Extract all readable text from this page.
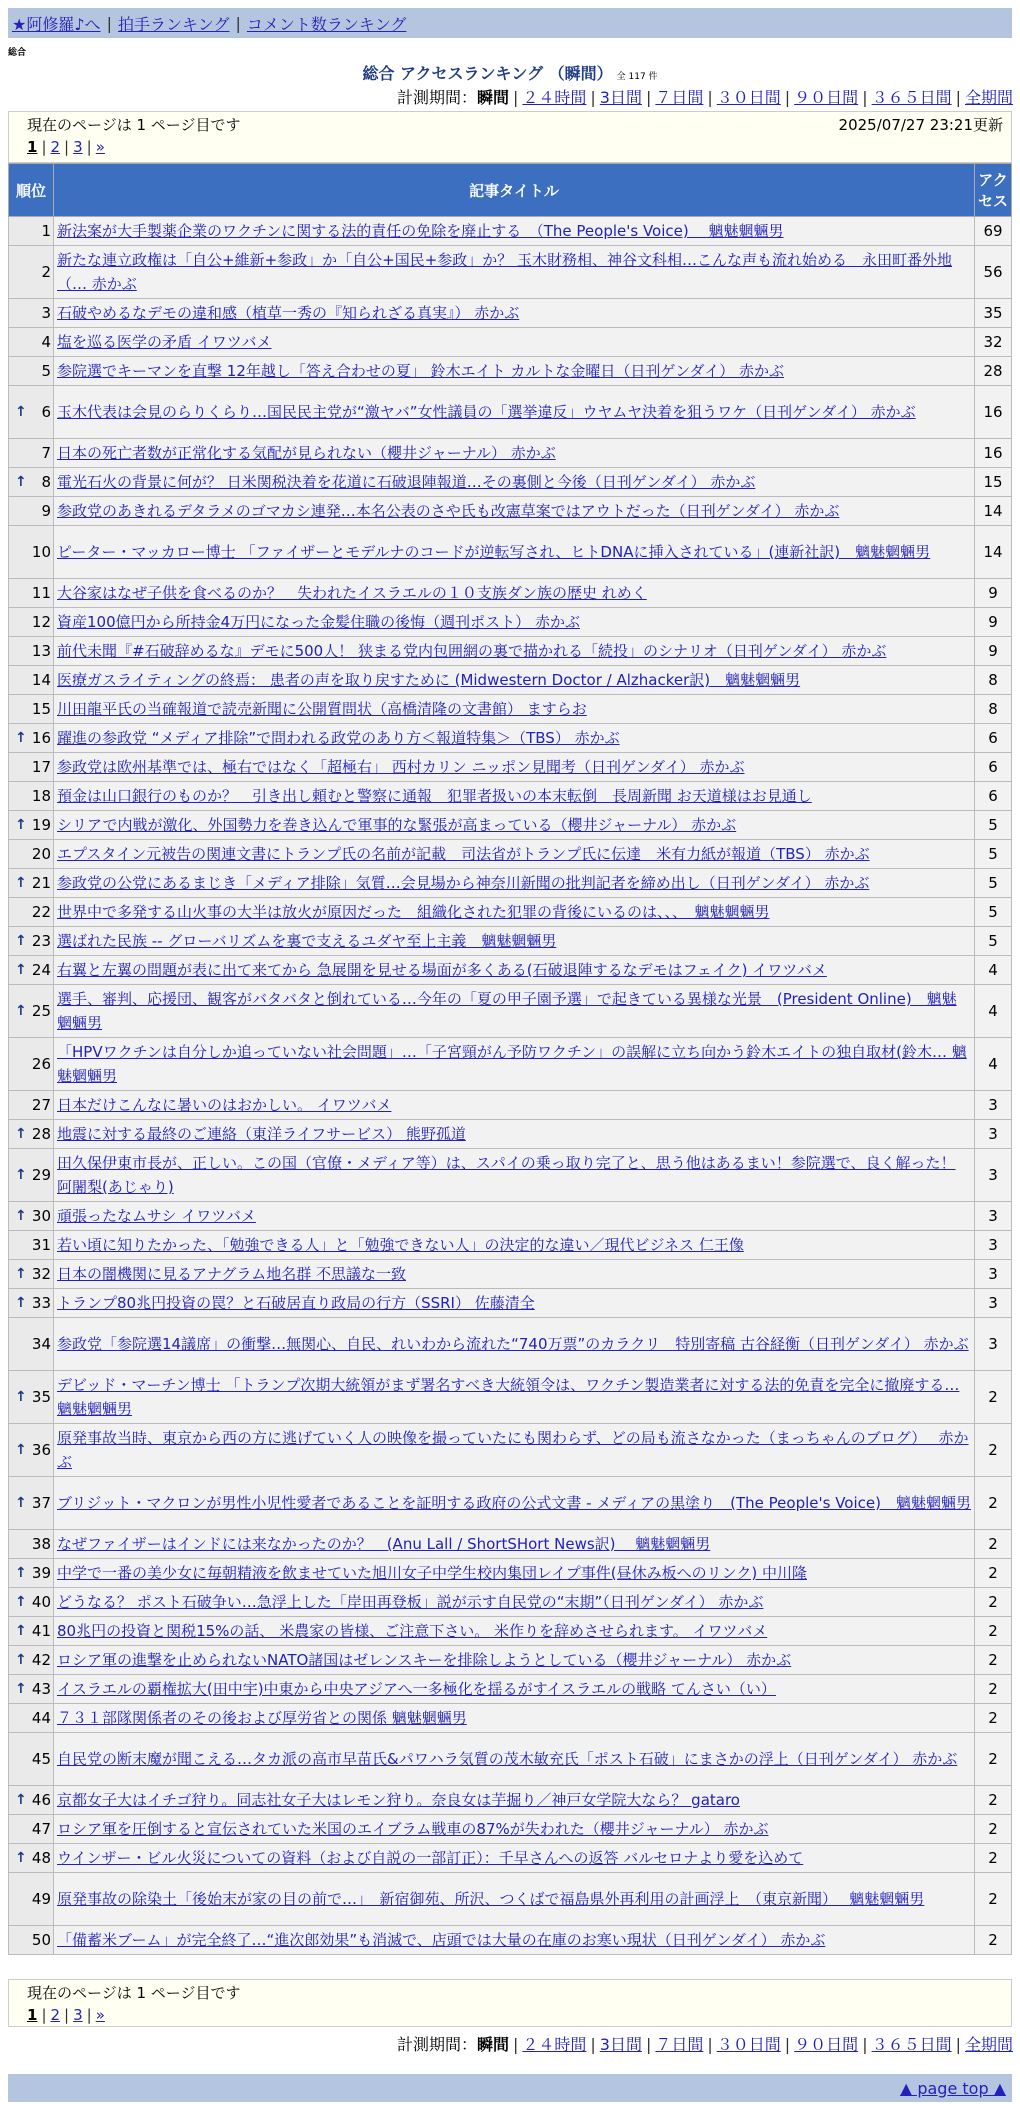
★阿修羅♪へ | 拍手ランキング | コメント数ランキング
総合
総合 アクセスランキング （瞬間） 全 117 件
計測期間：瞬間 | ２４時間 | 3日間 | ７日間 | ３０日間 | ９０日間 | ３６５日間 | 全期間
現在のページは 1 ページ目です	2025/07/27 23:21更新
1 | 2 | 3 | »
順位	記事タイトル	アクセス
1	新法案が大手製薬企業のワクチンに関する法的責任の免除を廃止する　（The People's Voice)　 魑魅魍魎男	69
2	新たな連立政権は「自公+維新+参政」か「自公+国民+参政」か？ 玉木財務相、神谷文科相…こんな声も流れ始める　永田町番外地（… 赤かぶ	56
3	石破やめるなデモの違和感（植草一秀の『知られざる真実』） 赤かぶ	35
4	塩を巡る医学の矛盾 イワツバメ	32
5	参院選でキーマンを直撃 12年越し「答え合わせの夏」 鈴木エイト カルトな金曜日（日刊ゲンダイ） 赤かぶ	28

↑ 6	玉木代表は会見のらりくらり…国民民主党が“激ヤバ”女性議員の「選挙違反」ウヤムヤ決着を狙うワケ（日刊ゲンダイ） 赤かぶ	16
7	日本の死亡者数が正常化する気配が見られない（櫻井ジャーナル） 赤かぶ	16

↑ 8	電光石火の背景に何が？ 日米関税決着を花道に石破退陣報道…その裏側と今後（日刊ゲンダイ） 赤かぶ	15
9	参政党のあきれるデタラメのゴマカシ連発…本名公表のさや氏も改憲草案ではアウトだった（日刊ゲンダイ） 赤かぶ	14
10	ピーター・マッカロー博士 「ファイザーとモデルナのコードが逆転写され、ヒトDNAに挿入されている」(連新社訳)　魑魅魍魎男	14
11	大谷家はなぜ子供を食べるのか？　失われたイスラエルの１０支族ダン族の歴史 れめく	9
12	資産100億円から所持金4万円になった金髪住職の後悔（週刊ポスト） 赤かぶ	9
13	前代未聞『#石破辞めるな』デモに500人！ 狭まる党内包囲網の裏で描かれる「続投」のシナリオ（日刊ゲンダイ） 赤かぶ	9
14	医療ガスライティングの終焉： 患者の声を取り戻すために (Midwestern Doctor / Alzhacker訳)　魑魅魍魎男	8
15	川田龍平氏の当確報道で読売新聞に公開質問状（高橋清隆の文書館） ますらお	8

↑ 16	躍進の参政党 “メディア排除”で問われる政党のあり方＜報道特集＞（TBS） 赤かぶ	6
17	参政党は欧州基準では、極右ではなく「超極右」 西村カリン ニッポン見聞考（日刊ゲンダイ） 赤かぶ	6
18	預金は山口銀行のものか？　引き出し頼むと警察に通報　犯罪者扱いの本末転倒　長周新聞 お天道様はお見通し	6

↑ 19	シリアで内戦が激化、外国勢力を巻き込んで軍事的な緊張が高まっている（櫻井ジャーナル） 赤かぶ	5
20	エプスタイン元被告の関連文書にトランプ氏の名前が記載　司法省がトランプ氏に伝達　米有力紙が報道（TBS） 赤かぶ	5

↑ 21	参政党の公党にあるまじき「メディア排除」気質…会見場から神奈川新聞の批判記者を締め出し（日刊ゲンダイ） 赤かぶ	5
22	世界中で多発する山火事の大半は放火が原因だった　組織化された犯罪の背後にいるのは、、、　魑魅魍魎男	5

↑ 23	選ばれた民族 -- グローバリズムを裏で支えるユダヤ至上主義　魑魅魍魎男	5

↑ 24	右翼と左翼の問題が表に出て来てから 急展開を見せる場面が多くある(石破退陣するなデモはフェイク) イワツバメ	4

↑ 25	選手、審判、応援団、観客がバタバタと倒れている…今年の「夏の甲子園予選」で起きている異様な光景　(President Online)　魑魅魍魎男	4
26	「HPVワクチンは自分しか追っていない社会問題」…「子宮頸がん予防ワクチン」の誤解に立ち向かう鈴木エイトの独自取材(鈴木… 魑魅魍魎男	4
27	日本だけこんなに暑いのはおかしい。 イワツバメ	3

↑ 28	地震に対する最終のご連絡（東洋ライフサービス） 熊野孤道	3

↑ 29	田久保伊東市長が、正しい。この国（官僚・メディア等）は、スパイの乗っ取り完了と、思う他はあるまい！参院選で、良く解った！ 阿闍梨(あじゃり)	3

↑ 30	頑張ったなムサシ イワツバメ	3
31	若い頃に知りたかった、「勉強できる人」と「勉強できない人」の決定的な違い／現代ビジネス 仁王像	3

↑ 32	日本の闇機関に見るアナグラム地名群 不思議な一致	3

↑ 33	トランプ80兆円投資の罠？と石破居直り政局の行方（SSRI） 佐藤清全	3
34	参政党「参院選14議席」の衝撃…無関心、自民、れいわから流れた“740万票”のカラクリ　特別寄稿 古谷経衡（日刊ゲンダイ） 赤かぶ	3

↑ 35	デビッド・マーチン博士 「トランプ次期大統領がまず署名すべき大統領令は、ワクチン製造業者に対する法的免責を完全に撤廃する… 魑魅魍魎男	2

↑ 36	原発事故当時、東京から西の方に逃げていく人の映像を撮っていたにも関わらず、どの局も流さなかった（まっちゃんのブログ）　 赤かぶ	2

↑ 37	ブリジット・マクロンが男性小児性愛者であることを証明する政府の公式文書 - メディアの黒塗り　(The People's Voice)　魑魅魍魎男	2
38	なぜファイザーはインドには来なかったのか？　(Anu Lall / ShortSHort News訳)　 魑魅魍魎男	2

↑ 39	中学で一番の美少女に毎朝精液を飲ませていた旭川女子中学生校内集団レイプ事件(昼休み板へのリンク) 中川隆	2

↑ 40	どうなる？ ポスト石破争い…急浮上した「岸田再登板」説が示す自民党の“末期”（日刊ゲンダイ） 赤かぶ	2

↑ 41	80兆円の投資と関税15%の話、 米農家の皆様、ご注意下さい。 米作りを辞めさせられます。 イワツバメ	2

↑ 42	ロシア軍の進撃を止められないNATO諸国はゼレンスキーを排除しようとしている（櫻井ジャーナル） 赤かぶ	2

↑ 43	イスラエルの覇権拡大(田中宇)中東から中央アジアへ一多極化を揺るがすイスラエルの戦略 てんさい（い）	2
44	７３１部隊関係者のその後および厚労省との関係 魑魅魍魎男	2
45	自民党の断末魔が聞こえる…タカ派の高市早苗氏&パワハラ気質の茂木敏充氏「ポスト石破」にまさかの浮上（日刊ゲンダイ） 赤かぶ	2

↑ 46	京都女子大はイチゴ狩り。同志社女子大はレモン狩り。奈良女は芋掘り／神戸女学院大なら？ gataro	2
47	ロシア軍を圧倒すると宣伝されていた米国のエイブラム戦車の87%が失われた（櫻井ジャーナル） 赤かぶ	2

↑ 48	ウインザー・ビル火災についての資料（および自説の一部訂正）：千早さんへの返答 バルセロナより愛を込めて	2
49	原発事故の除染土「後始末が家の目の前で…」　新宿御苑、所沢、つくばで福島県外再利用の計画浮上　（東京新聞）　 魑魅魍魎男	2
50	「備蓄米ブーム」が完全終了…“進次郎効果”も消滅で、店頭では大量の在庫のお寒い現状（日刊ゲンダイ） 赤かぶ	2
現在のページは 1 ページ目です
1 | 2 | 3 | »
計測期間：瞬間 | ２４時間 | 3日間 | ７日間 | ３０日間 | ９０日間 | ３６５日間 | 全期間
▲ page top ▲
